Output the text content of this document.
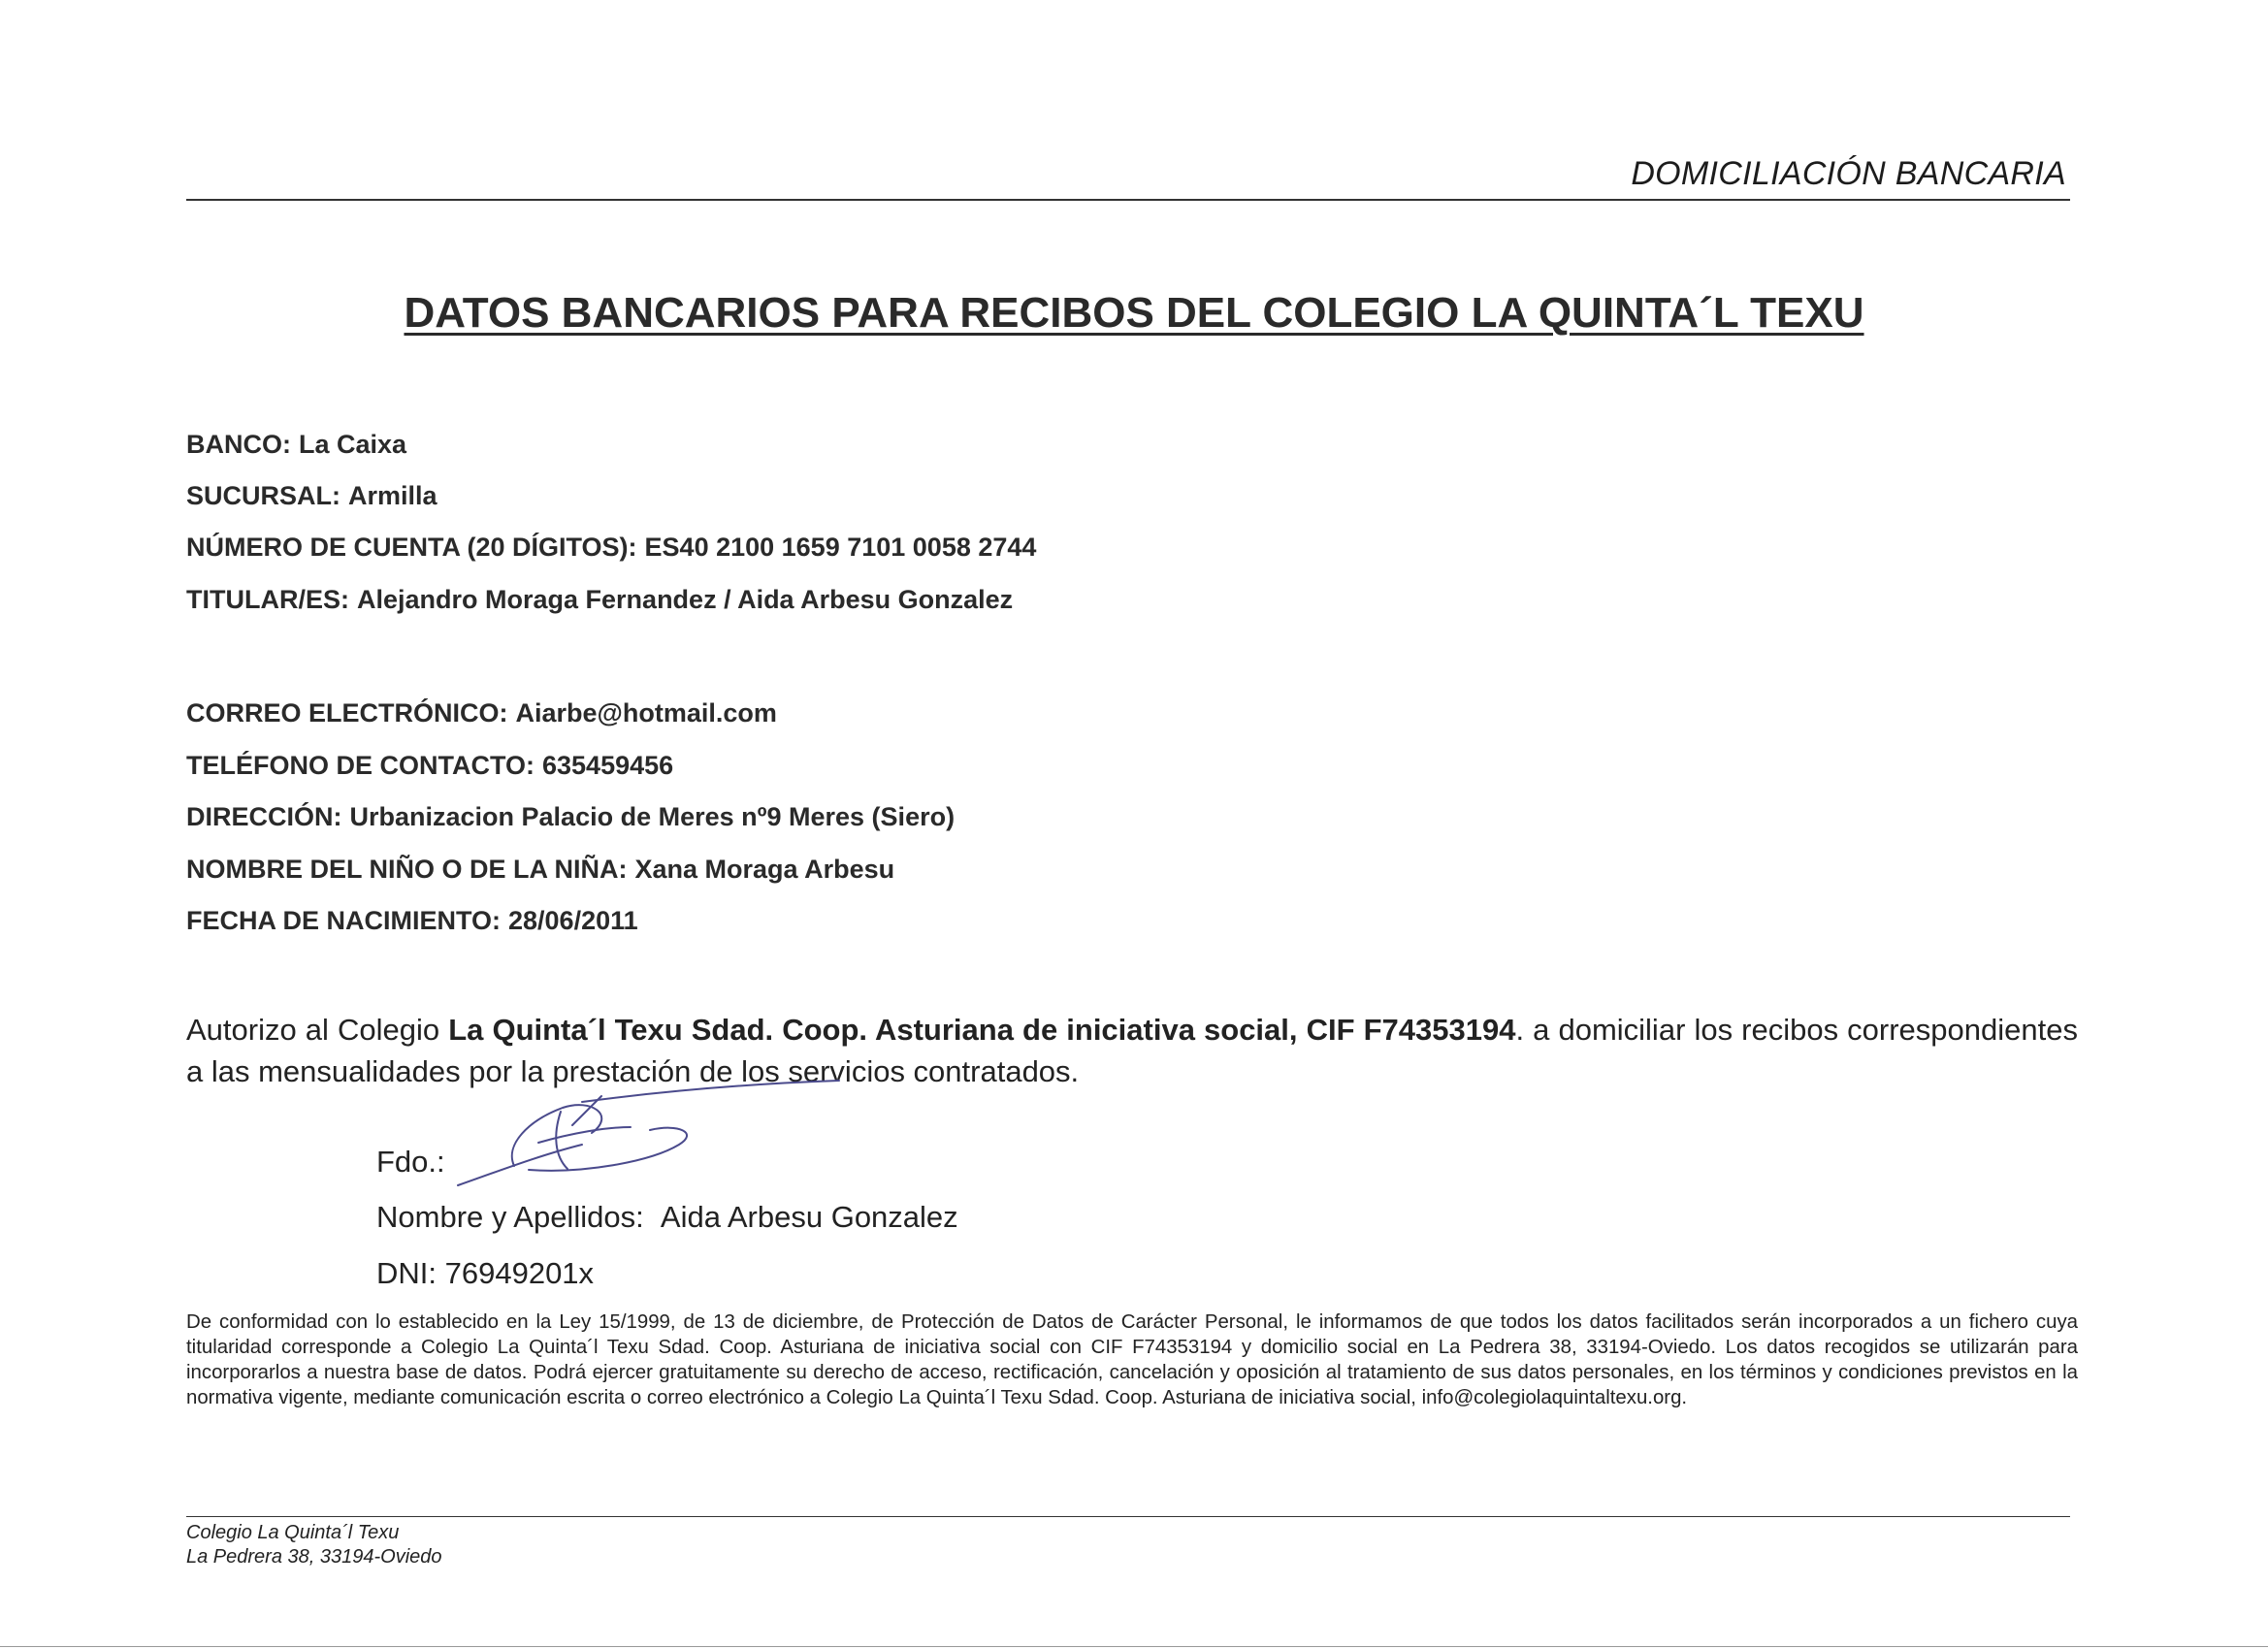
DOMICILIACIÓN BANCARIA
DATOS BANCARIOS PARA RECIBOS DEL COLEGIO LA QUINTA´L TEXU
BANCO: La Caixa
SUCURSAL: Armilla
NÚMERO DE CUENTA (20 DÍGITOS): ES40 2100 1659 7101 0058 2744
TITULAR/ES: Alejandro Moraga Fernandez / Aida Arbesu Gonzalez
CORREO ELECTRÓNICO: Aiarbe@hotmail.com
TELÉFONO DE CONTACTO: 635459456
DIRECCIÓN: Urbanizacion Palacio de Meres nº9 Meres (Siero)
NOMBRE DEL NIÑO O DE LA NIÑA: Xana Moraga Arbesu
FECHA DE NACIMIENTO: 28/06/2011
Autorizo al Colegio La Quinta´l Texu Sdad. Coop. Asturiana de iniciativa social, CIF F74353194. a domiciliar los recibos correspondientes a las mensualidades por la prestación de los servicios contratados.
Fdo.:
Nombre y Apellidos: Aida Arbesu Gonzalez
DNI: 76949201x
De conformidad con lo establecido en la Ley 15/1999, de 13 de diciembre, de Protección de Datos de Carácter Personal, le informamos de que todos los datos facilitados serán incorporados a un fichero cuya titularidad corresponde a Colegio La Quinta´l Texu Sdad. Coop. Asturiana de iniciativa social con CIF F74353194 y domicilio social en La Pedrera 38, 33194-Oviedo. Los datos recogidos se utilizarán para incorporarlos a nuestra base de datos. Podrá ejercer gratuitamente su derecho de acceso, rectificación, cancelación y oposición al tratamiento de sus datos personales, en los términos y condiciones previstos en la normativa vigente, mediante comunicación escrita o correo electrónico a Colegio La Quinta´l Texu Sdad. Coop. Asturiana de iniciativa social, info@colegiolaquintaltexu.org.
Colegio La Quinta´l Texu
La Pedrera 38, 33194-Oviedo
